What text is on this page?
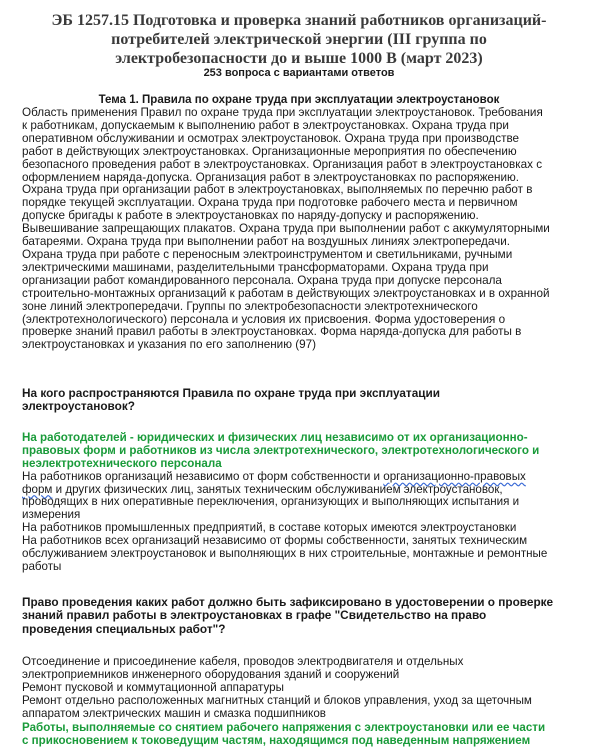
ЭБ 1257.15 Подготовка и проверка знаний работников организаций-
потребителей электрической энергии (III группа по
электробезопасности до и выше 1000 В (март 2023)
253 вопроса с вариантами ответов
Тема 1. Правила по охране труда при эксплуатации электроустановок
Область применения Правил по охране труда при эксплуатации электроустановок. Требования
к работникам, допускаемым к выполнению работ в электроустановках. Охрана труда при
оперативном обслуживании и осмотрах электроустановок. Охрана труда при производстве
работ в действующих электроустановках. Организационные мероприятия по обеспечению
безопасного проведения работ в электроустановках. Организация работ в электроустановках с
оформлением наряда-допуска. Организация работ в электроустановках по распоряжению.
Охрана труда при организации работ в электроустановках, выполняемых по перечню работ в
порядке текущей эксплуатации. Охрана труда при подготовке рабочего места и первичном
допуске бригады к работе в электроустановках по наряду-допуску и распоряжению.
Вывешивание запрещающих плакатов. Охрана труда при выполнении работ с аккумуляторными
батареями. Охрана труда при выполнении работ на воздушных линиях электропередачи.
Охрана труда при работе с переносным электроинструментом и светильниками, ручными
электрическими машинами, разделительными трансформаторами. Охрана труда при
организации работ командированного персонала. Охрана труда при допуске персонала
строительно-монтажных организаций к работам в действующих электроустановках и в охранной
зоне линий электропередачи. Группы по электробезопасности электротехнического
(электротехнологического) персонала и условия их присвоения. Форма удостоверения о
проверке знаний правил работы в электроустановках. Форма наряда-допуска для работы в
электроустановках и указания по его заполнению (97)
На кого распространяются Правила по охране труда при эксплуатации
электроустановок?
На работодателей - юридических и физических лиц независимо от их организационно-
правовых форм и работников из числа электротехнического, электротехнологического и
неэлектротехнического персонала
На работников организаций независимо от форм собственности и организационно-правовых
форм и других физических лиц, занятых техническим обслуживанием электроустановок,
проводящих в них оперативные переключения, организующих и выполняющих испытания и
измерения
На работников промышленных предприятий, в составе которых имеются электроустановки
На работников всех организаций независимо от формы собственности, занятых техническим
обслуживанием электроустановок и выполняющих в них строительные, монтажные и ремонтные
работы
Право проведения каких работ должно быть зафиксировано в удостоверении о проверке
знаний правил работы в электроустановках в графе "Свидетельство на право
проведения специальных работ"?
Отсоединение и присоединение кабеля, проводов электродвигателя и отдельных
электроприемников инженерного оборудования зданий и сооружений
Ремонт пусковой и коммутационной аппаратуры
Ремонт отдельно расположенных магнитных станций и блоков управления, уход за щеточным
аппаратом электрических машин и смазка подшипников
Работы, выполняемые со снятием рабочего напряжения с электроустановки или ее части
с прикосновением к токоведущим частям, находящимся под наведенным напряжением
